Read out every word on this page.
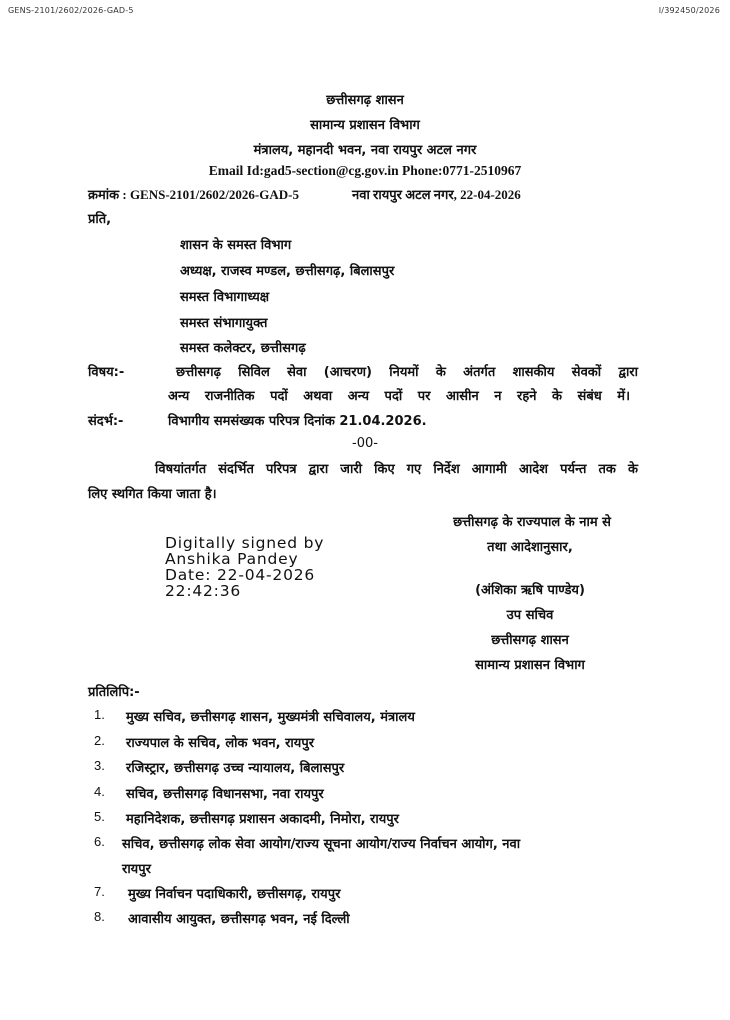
GENS-2101/2602/2026-GAD-5	I/392450/2026
छत्तीसगढ़ शासन
सामान्य प्रशासन विभाग
मंत्रालय, महानदी भवन, नवा रायपुर अटल नगर
Email Id:gad5-section@cg.gov.in Phone:0771-2510967
क्रमांक : GENS-2101/2602/2026-GAD-5	नवा रायपुर अटल नगर, 22-04-2026
प्रति,
शासन के समस्त विभाग
अध्यक्ष, राजस्व मण्डल, छत्तीसगढ़, बिलासपुर
समस्त विभागाध्यक्ष
समस्त संभागायुक्त
समस्त कलेक्टर, छत्तीसगढ़
विषय:-	छत्तीसगढ़ सिविल सेवा (आचरण) नियमों के अंतर्गत शासकीय सेवकों द्वारा
अन्य राजनीतिक पदों अथवा अन्य पदों पर आसीन न रहने के संबंध में।
संदर्भ:-	विभागीय समसंख्यक परिपत्र दिनांक 21.04.2026.
-00-
विषयांतर्गत संदर्भित परिपत्र द्वारा जारी किए गए निर्देश आगामी आदेश पर्यन्त तक के
लिए स्थगित किया जाता है।
Digitally signed by
Anshika Pandey
Date: 22-04-2026
22:42:36
छत्तीसगढ़ के राज्यपाल के नाम से
तथा आदेशानुसार,
(अंशिका ऋषि पाण्डेय)
उप सचिव
छत्तीसगढ़ शासन
सामान्य प्रशासन विभाग
प्रतिलिपि:-
1. मुख्य सचिव, छत्तीसगढ़ शासन, मुख्यमंत्री सचिवालय, मंत्रालय
2. राज्यपाल के सचिव, लोक भवन, रायपुर
3. रजिस्ट्रार, छत्तीसगढ़ उच्च न्यायालय, बिलासपुर
4. सचिव, छत्तीसगढ़ विधानसभा, नवा रायपुर
5. महानिदेशक, छत्तीसगढ़ प्रशासन अकादमी, निमोरा, रायपुर
6. सचिव, छत्तीसगढ़ लोक सेवा आयोग/राज्य सूचना आयोग/राज्य निर्वाचन आयोग, नवा
रायपुर
7. मुख्य निर्वाचन पदाधिकारी, छत्तीसगढ़, रायपुर
8. आवासीय आयुक्त, छत्तीसगढ़ भवन, नई दिल्ली
